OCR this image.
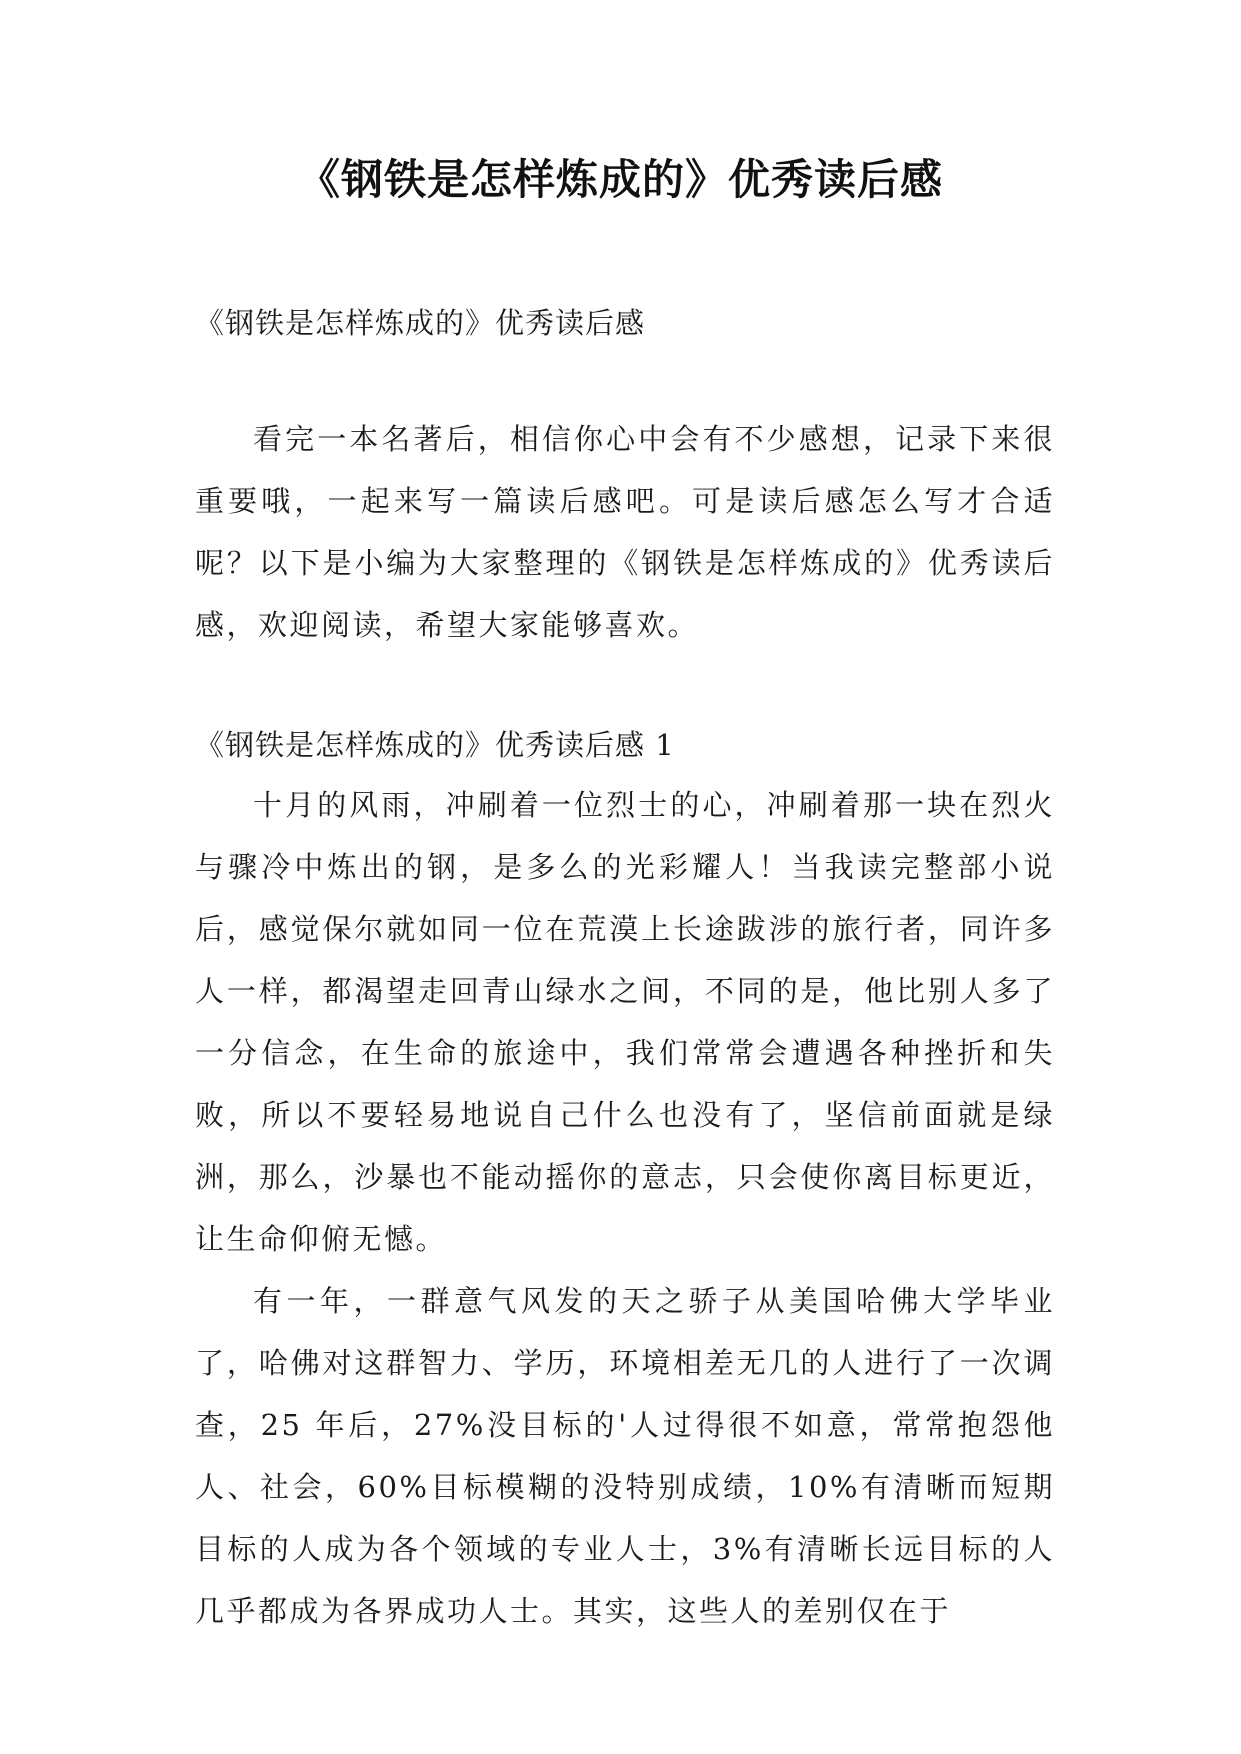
《钢铁是怎样炼成的》优秀读后感

《钢铁是怎样炼成的》优秀读后感

看完一本名著后，相信你心中会有不少感想，记录下来很重要哦，一起来写一篇读后感吧。可是读后感怎么写才合适呢？以下是小编为大家整理的《钢铁是怎样炼成的》优秀读后感，欢迎阅读，希望大家能够喜欢。

《钢铁是怎样炼成的》优秀读后感 1

十月的风雨，冲刷着一位烈士的心，冲刷着那一块在烈火与骤冷中炼出的钢，是多么的光彩耀人！当我读完整部小说后，感觉保尔就如同一位在荒漠上长途跋涉的旅行者，同许多人一样，都渴望走回青山绿水之间，不同的是，他比别人多了一分信念，在生命的旅途中，我们常常会遭遇各种挫折和失败，所以不要轻易地说自己什么也没有了，坚信前面就是绿洲，那么，沙暴也不能动摇你的意志，只会使你离目标更近，让生命仰俯无憾。

有一年，一群意气风发的天之骄子从美国哈佛大学毕业了，哈佛对这群智力、学历，环境相差无几的人进行了一次调查，25 年后，27%没目标的'人过得很不如意，常常抱怨他人、社会，60%目标模糊的没特别成绩，10%有清晰而短期目标的人成为各个领域的专业人士，3%有清晰长远目标的人几乎都成为各界成功人士。其实，这些人的差别仅在于
